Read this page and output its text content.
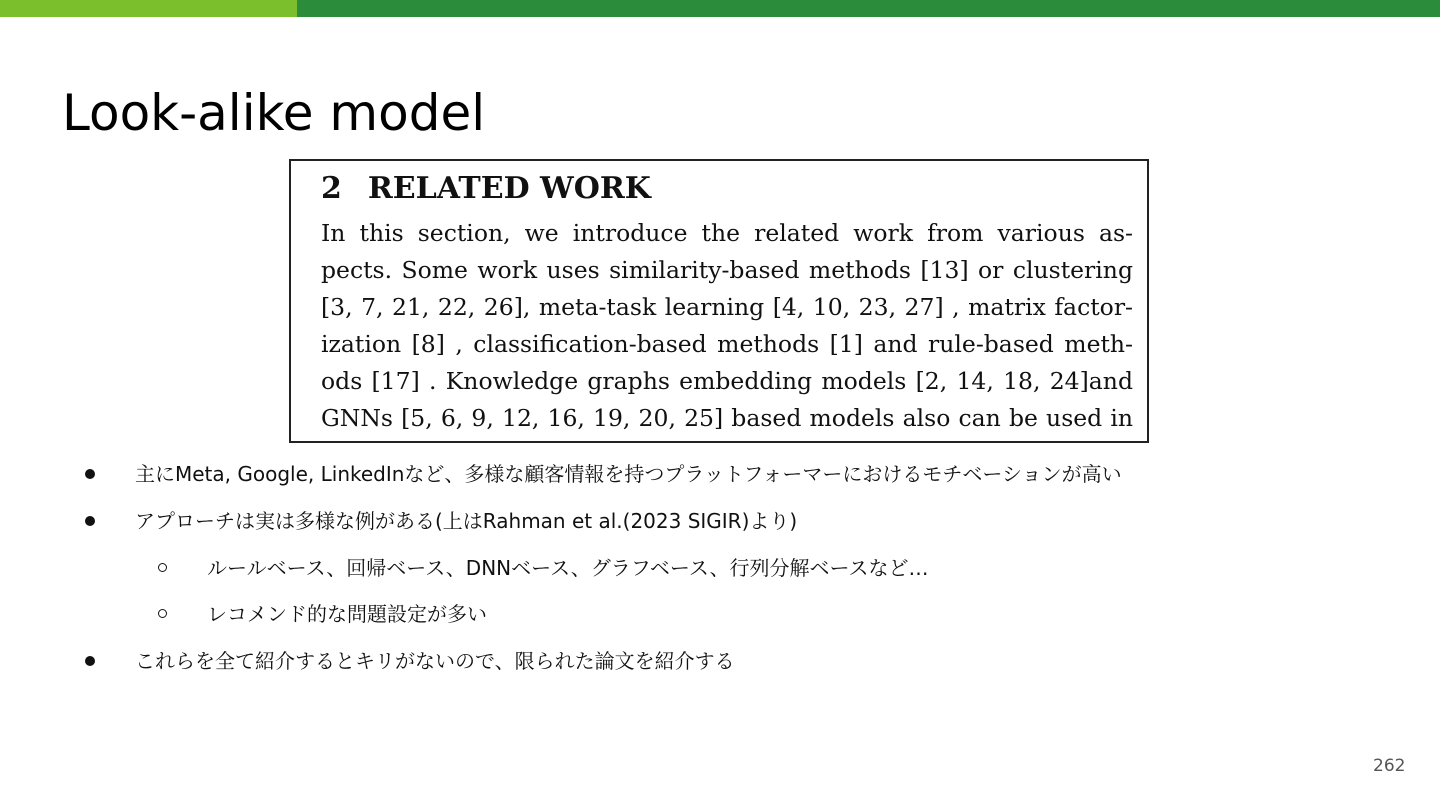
Look-alike model
2 RELATED WORK
In this section, we introduce the related work from various as-
pects. Some work uses similarity-based methods [13] or clustering
[3, 7, 21, 22, 26], meta-task learning [4, 10, 23, 27] , matrix factor-
ization [8] , classification-based methods [1] and rule-based meth-
ods [17] . Knowledge graphs embedding models [2, 14, 18, 24]and
GNNs [5, 6, 9, 12, 16, 19, 20, 25] based models also can be used in
主にMeta, Google, LinkedInなど、多様な顧客情報を持つプラットフォーマーにおけるモチベーションが高い
アプローチは実は多様な例がある(上はRahman et al.(2023 SIGIR)より)
ルールベース、回帰ベース、DNNベース、グラフベース、行列分解ベースなど…
レコメンド的な問題設定が多い
これらを全て紹介するとキリがないので、限られた論文を紹介する
262
